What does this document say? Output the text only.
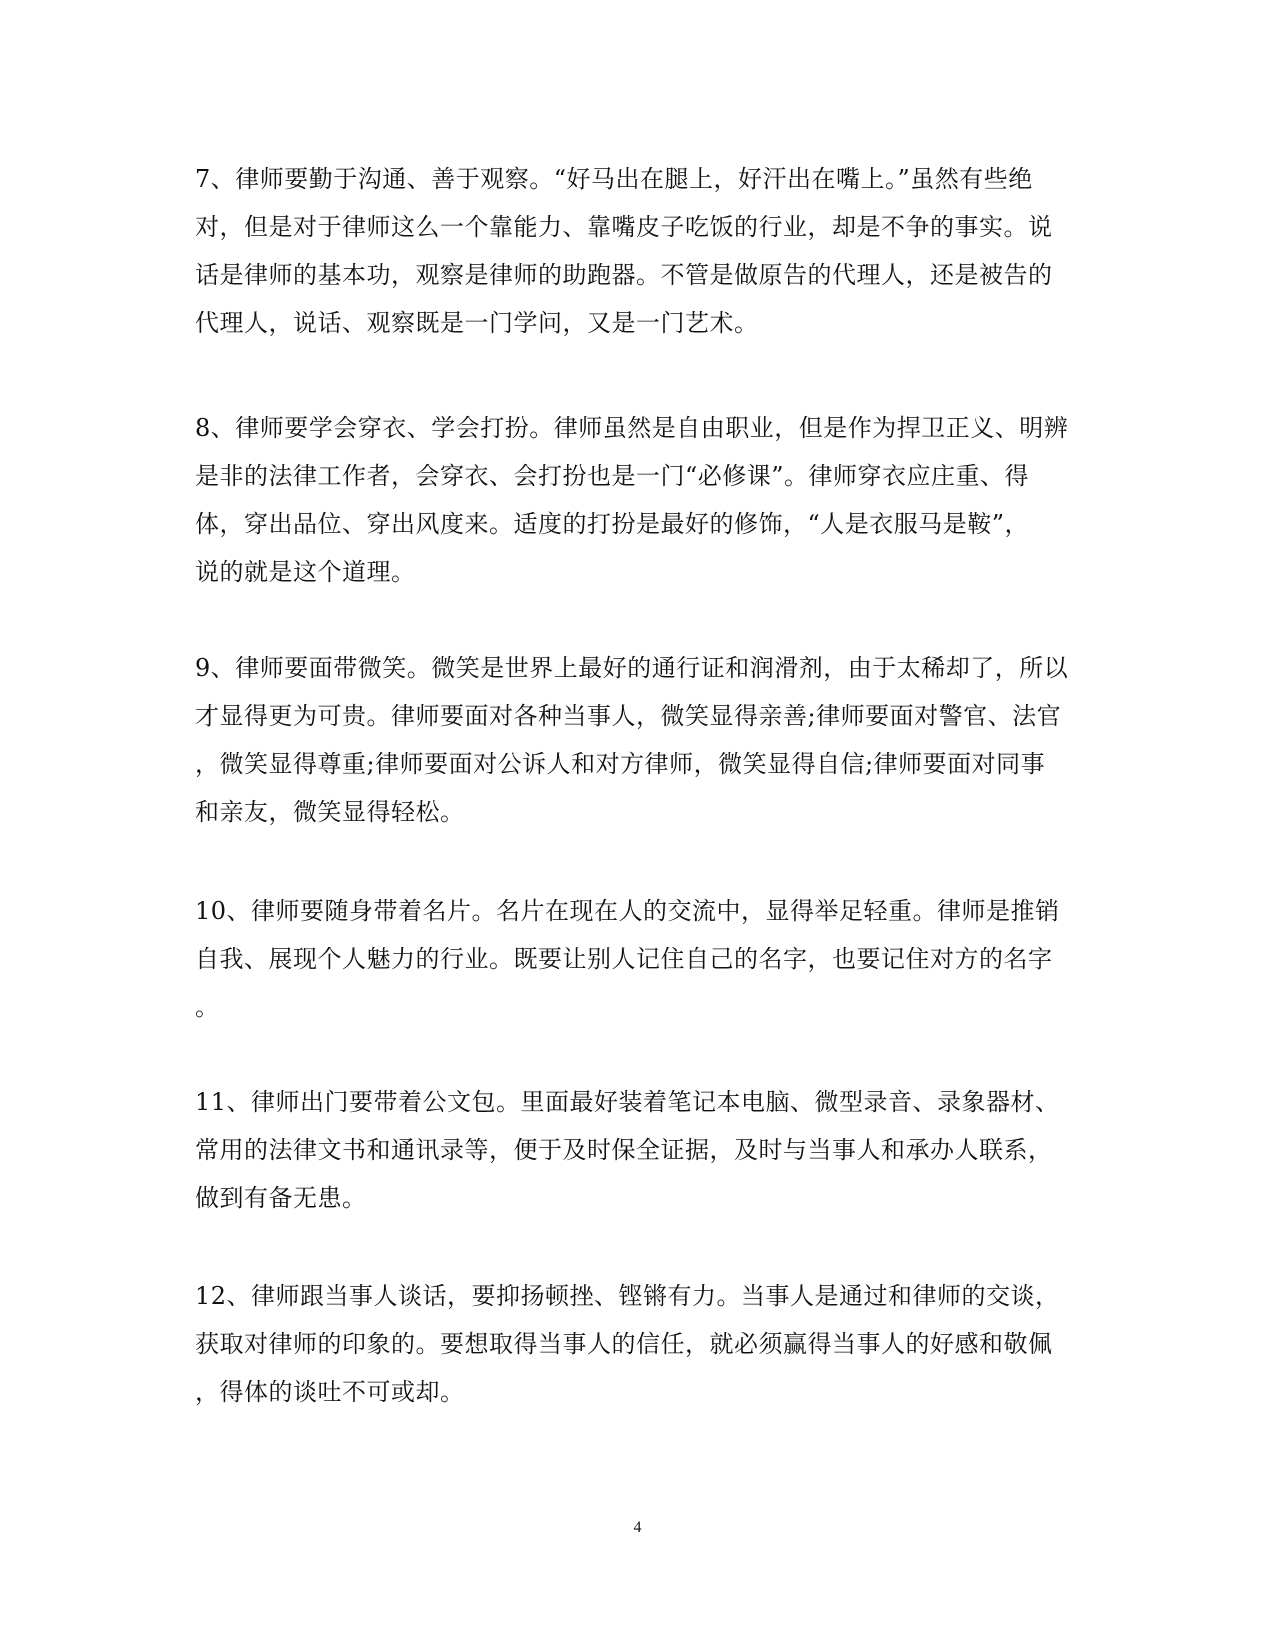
7、律师要勤于沟通、善于观察。“好马出在腿上，好汗出在嘴上。”虽然有些绝
对，但是对于律师这么一个靠能力、靠嘴皮子吃饭的行业，却是不争的事实。说
话是律师的基本功，观察是律师的助跑器。不管是做原告的代理人，还是被告的
代理人，说话、观察既是一门学问，又是一门艺术。
8、律师要学会穿衣、学会打扮。律师虽然是自由职业，但是作为捍卫正义、明辨
是非的法律工作者，会穿衣、会打扮也是一门“必修课”。律师穿衣应庄重、得
体，穿出品位、穿出风度来。适度的打扮是最好的修饰，“人是衣服马是鞍”，
说的就是这个道理。
9、律师要面带微笑。微笑是世界上最好的通行证和润滑剂，由于太稀却了，所以
才显得更为可贵。律师要面对各种当事人，微笑显得亲善;律师要面对警官、法官
，微笑显得尊重;律师要面对公诉人和对方律师，微笑显得自信;律师要面对同事
和亲友，微笑显得轻松。
10、律师要随身带着名片。名片在现在人的交流中，显得举足轻重。律师是推销
自我、展现个人魅力的行业。既要让别人记住自己的名字，也要记住对方的名字
。
11、律师出门要带着公文包。里面最好装着笔记本电脑、微型录音、录象器材、
常用的法律文书和通讯录等，便于及时保全证据，及时与当事人和承办人联系，
做到有备无患。
12、律师跟当事人谈话，要抑扬顿挫、铿锵有力。当事人是通过和律师的交谈，
获取对律师的印象的。要想取得当事人的信任，就必须赢得当事人的好感和敬佩
，得体的谈吐不可或却。
4
